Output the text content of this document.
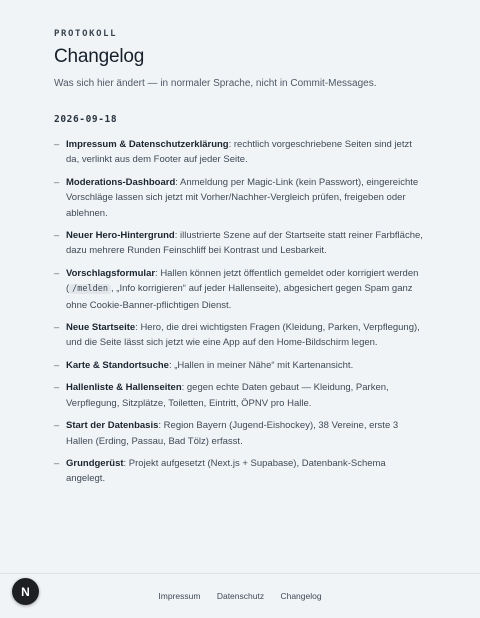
PROTOKOLL
Changelog
Was sich hier ändert — in normaler Sprache, nicht in Commit-Messages.
2026-09-18
– Impressum & Datenschutzerklärung: rechtlich vorgeschriebene Seiten sind jetzt da, verlinkt aus dem Footer auf jeder Seite.
– Moderations-Dashboard: Anmeldung per Magic-Link (kein Passwort), eingereichte Vorschläge lassen sich jetzt mit Vorher/Nachher-Vergleich prüfen, freigeben oder ablehnen.
– Neuer Hero-Hintergrund: illustrierte Szene auf der Startseite statt reiner Farbfläche, dazu mehrere Runden Feinschliff bei Kontrast und Lesbarkeit.
– Vorschlagsformular: Hallen können jetzt öffentlich gemeldet oder korrigiert werden ( /melden , „Info korrigieren“ auf jeder Hallenseite), abgesichert gegen Spam ganz ohne Cookie-Banner-pflichtigen Dienst.
– Neue Startseite: Hero, die drei wichtigsten Fragen (Kleidung, Parken, Verpflegung), und die Seite lässt sich jetzt wie eine App auf den Home-Bildschirm legen.
– Karte & Standortsuche: „Hallen in meiner Nähe“ mit Kartenansicht.
– Hallenliste & Hallenseiten: gegen echte Daten gebaut — Kleidung, Parken, Verpflegung, Sitzplätze, Toiletten, Eintritt, ÖPNV pro Halle.
– Start der Datenbasis: Region Bayern (Jugend-Eishockey), 38 Vereine, erste 3 Hallen (Erding, Passau, Bad Tölz) erfasst.
– Grundgerüst: Projekt aufgesetzt (Next.js + Supabase), Datenbank-Schema angelegt.
Impressum Datenschutz Changelog
N
